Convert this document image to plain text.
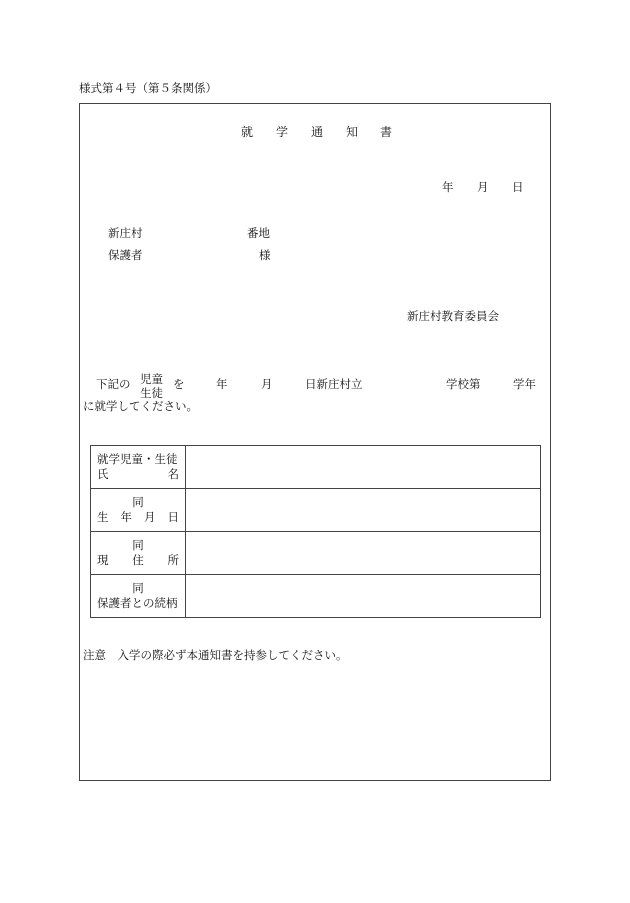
様式第４号（第５条関係）
就 学 通 知 書
年 月 日
新庄村	番地
保護者	様
新庄村教育委員会
下記の 児童
生徒
を	年	月	日新庄村立	学校第	学年
に就学してください。
就学児童・生徒
氏 名	

同
生 年 月 日	

同
現 住 所	

同
保護者との続柄	

注意　入学の際必ず本通知書を持参してください。
